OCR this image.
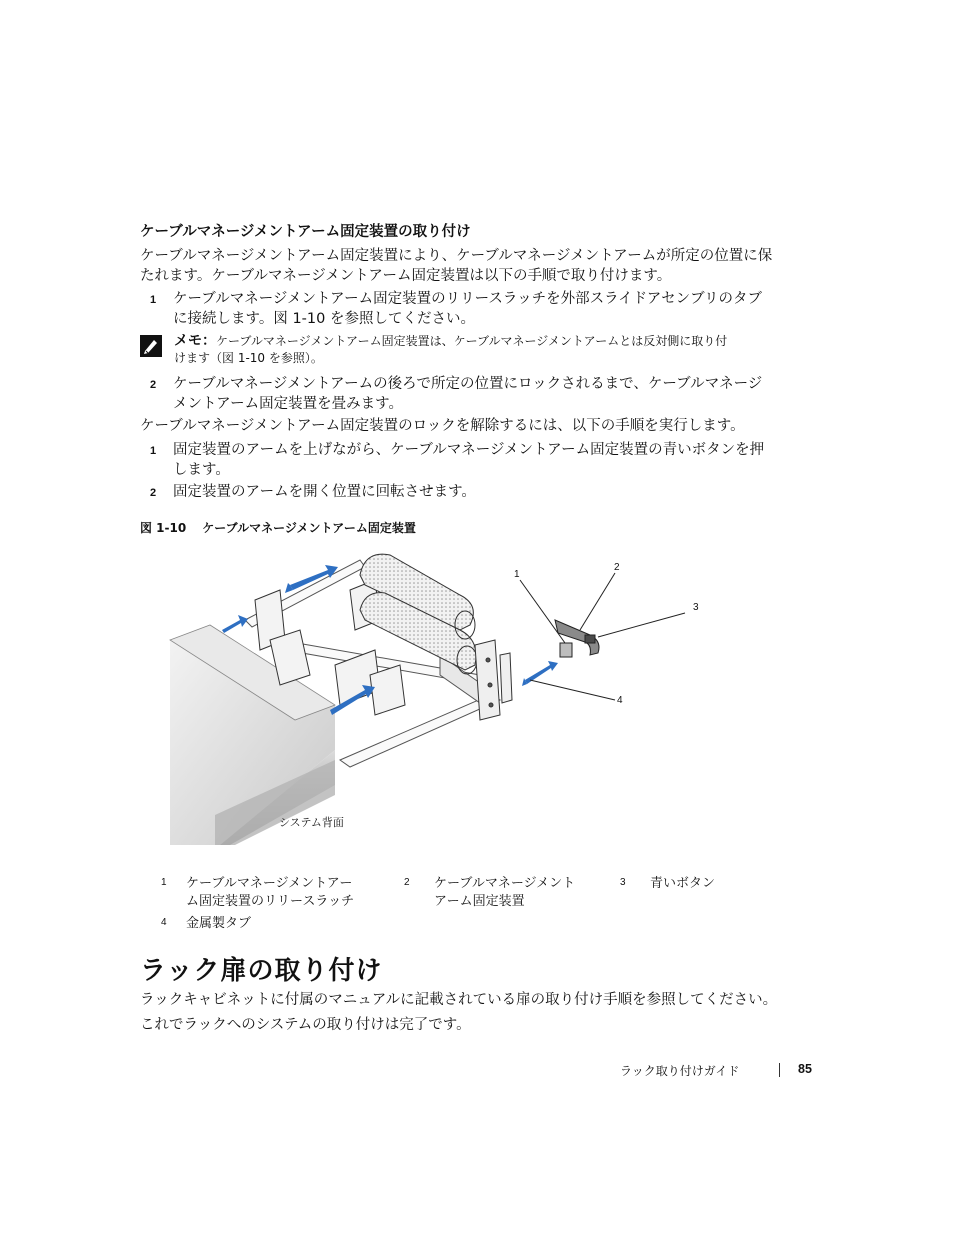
ケーブルマネージメントアーム固定装置の取り付け
ケーブルマネージメントアーム固定装置により、ケーブルマネージメントアームが所定の位置に保
たれます。ケーブルマネージメントアーム固定装置は以下の手順で取り付けます。
1 ケーブルマネージメントアーム固定装置のリリースラッチを外部スライドアセンブリのタブ
に接続します。図 1-10 を参照してください。
メモ：ケーブルマネージメントアーム固定装置は、ケーブルマネージメントアームとは反対側に取り付
けます（図 1-10 を参照）。
2 ケーブルマネージメントアームの後ろで所定の位置にロックされるまで、ケーブルマネージ
メントアーム固定装置を畳みます。
ケーブルマネージメントアーム固定装置のロックを解除するには、以下の手順を実行します。
1 固定装置のアームを上げながら、ケーブルマネージメントアーム固定装置の青いボタンを押
します。
2 固定装置のアームを開く位置に回転させます。
図 1-10 ケーブルマネージメントアーム固定装置
1
2
3
4
システム背面
1 ケーブルマネージメントアー
ム固定装置のリリースラッチ
2 ケーブルマネージメント
アーム固定装置
3 青いボタン
4 金属製タブ
ラック扉の取り付け
ラックキャビネットに付属のマニュアルに記載されている扉の取り付け手順を参照してください。
これでラックへのシステムの取り付けは完了です。
ラック取り付けガイド	85
